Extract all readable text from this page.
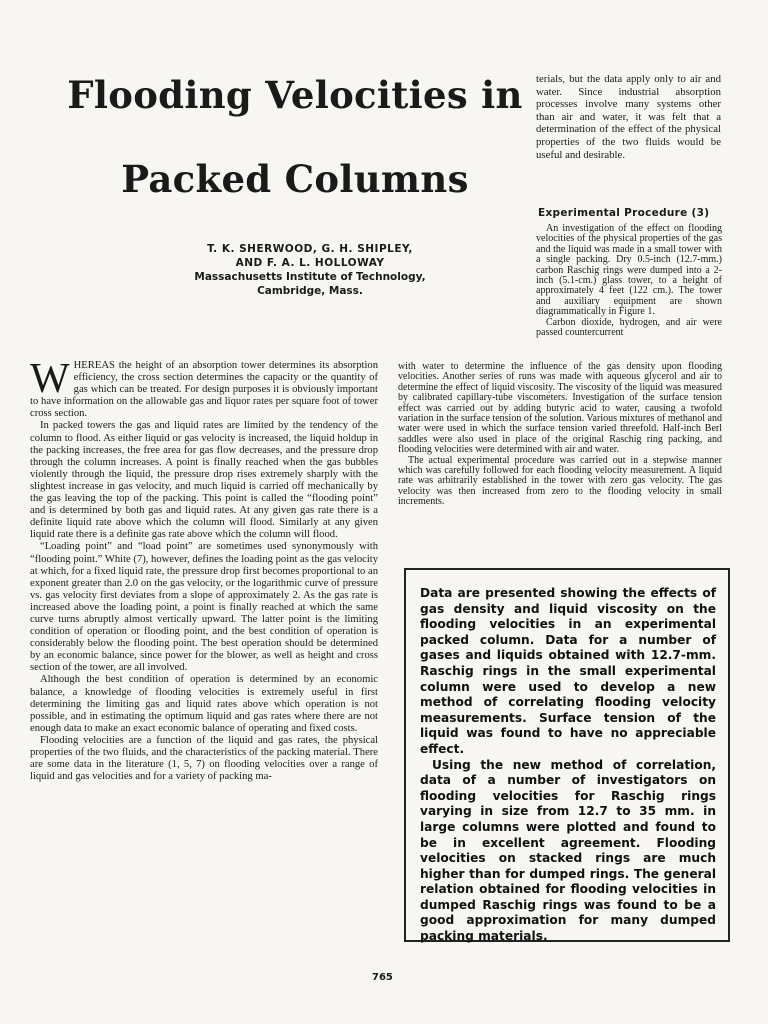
Flooding Velocities in
Packed Columns
T. K. SHERWOOD, G. H. SHIPLEY,
AND F. A. L. HOLLOWAY
Massachusetts Institute of Technology,
Cambridge, Mass.

WHEREAS the height of an absorption tower determines its absorption efficiency, the cross section determines the capacity or the quantity of gas which can be treated. For design purposes it is obviously important to have information on the allowable gas and liquor rates per square foot of tower cross section.

In packed towers the gas and liquid rates are limited by the tendency of the column to flood. As either liquid or gas velocity is increased, the liquid holdup in the packing increases, the free area for gas flow decreases, and the pressure drop through the column increases. A point is finally reached when the gas bubbles violently through the liquid, the pressure drop rises extremely sharply with the slightest increase in gas velocity, and much liquid is carried off mechanically by the gas leaving the top of the packing. This point is called the “flooding point” and is determined by both gas and liquid rates. At any given gas rate there is a definite liquid rate above which the column will flood. Similarly at any given liquid rate there is a definite gas rate above which the column will flood.

“Loading point” and “load point” are sometimes used synonymously with “flooding point.” White (7), however, defines the loading point as the gas velocity at which, for a fixed liquid rate, the pressure drop first becomes proportional to an exponent greater than 2.0 on the gas velocity, or the logarithmic curve of pressure vs. gas velocity first deviates from a slope of approximately 2. As the gas rate is increased above the loading point, a point is finally reached at which the same curve turns abruptly almost vertically upward. The latter point is the limiting condition of operation or flooding point, and the best condition of operation is considerably below the flooding point. The best operation should be determined by an economic balance, since power for the blower, as well as height and cross section of the tower, are all involved.

Although the best condition of operation is determined by an economic balance, a knowledge of flooding velocities is extremely useful in first determining the limiting gas and liquid rates above which operation is not possible, and in estimating the optimum liquid and gas rates where there are not enough data to make an exact economic balance of operating and fixed costs.

Flooding velocities are a function of the liquid and gas rates, the physical properties of the two fluids, and the characteristics of the packing material. There are some data in the literature (1, 5, 7) on flooding velocities over a range of liquid and gas velocities and for a variety of packing ma-

terials, but the data apply only to air and water. Since industrial absorption processes involve many systems other than air and water, it was felt that a determination of the effect of the physical properties of the two fluids would be useful and desirable.

Experimental Procedure (3)

An investigation of the effect on flooding velocities of the physical properties of the gas and the liquid was made in a small tower with a single packing. Dry 0.5-inch (12.7-mm.) carbon Raschig rings were dumped into a 2-inch (5.1-cm.) glass tower, to a height of approximately 4 feet (122 cm.). The tower and auxiliary equipment are shown diagrammatically in Figure 1.

Carbon dioxide, hydrogen, and air were passed countercurrent

with water to determine the influence of the gas density upon flooding velocities. Another series of runs was made with aqueous glycerol and air to determine the effect of liquid viscosity. The viscosity of the liquid was measured by calibrated capillary-tube viscometers. Investigation of the surface tension effect was carried out by adding butyric acid to water, causing a twofold variation in the surface tension of the solution. Various mixtures of methanol and water were used in which the surface tension varied threefold. Half-inch Berl saddles were also used in place of the original Raschig ring packing, and flooding velocities were determined with air and water.

The actual experimental procedure was carried out in a stepwise manner which was carefully followed for each flooding velocity measurement. A liquid rate was arbitrarily established in the tower with zero gas velocity. The gas velocity was then increased from zero to the flooding velocity in small increments.

Data are presented showing the effects of gas density and liquid viscosity on the flooding velocities in an experimental packed column. Data for a number of gases and liquids obtained with 12.7-mm. Raschig rings in the small experimental column were used to develop a new method of correlating flooding velocity measurements. Surface tension of the liquid was found to have no appreciable effect.

Using the new method of correlation, data of a number of investigators on flooding velocities for Raschig rings varying in size from 12.7 to 35 mm. in large columns were plotted and found to be in excellent agreement. Flooding velocities on stacked rings are much higher than for dumped rings. The general relation obtained for flooding velocities in dumped Raschig rings was found to be a good approximation for many dumped packing materials.

765
